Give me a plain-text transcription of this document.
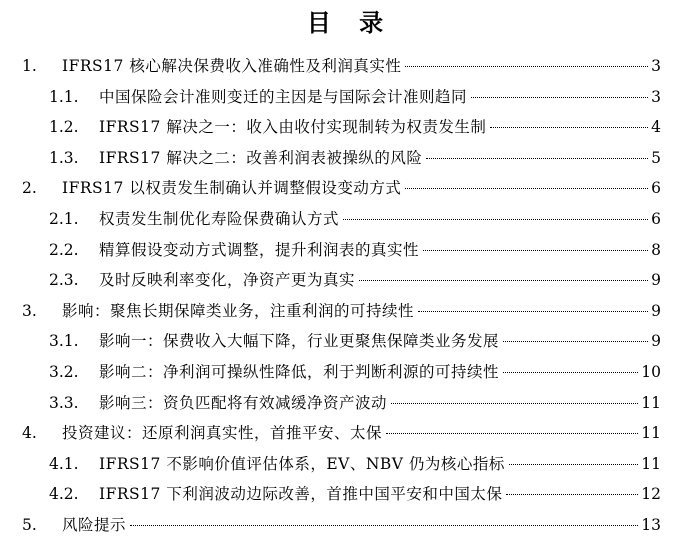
目 录
1.	IFRS17 核心解决保费收入准确性及利润真实性	3
1.1.	中国保险会计准则变迁的主因是与国际会计准则趋同	3
1.2.	IFRS17 解决之一：收入由收付实现制转为权责发生制	4
1.3.	IFRS17 解决之二：改善利润表被操纵的风险	5
2.	IFRS17 以权责发生制确认并调整假设变动方式	6
2.1.	权责发生制优化寿险保费确认方式	6
2.2.	精算假设变动方式调整，提升利润表的真实性	8
2.3.	及时反映利率变化，净资产更为真实	9
3.	影响：聚焦长期保障类业务，注重利润的可持续性	9
3.1.	影响一：保费收入大幅下降，行业更聚焦保障类业务发展	9
3.2.	影响二：净利润可操纵性降低，利于判断利源的可持续性	10
3.3.	影响三：资负匹配将有效减缓净资产波动	11
4.	投资建议：还原利润真实性，首推平安、太保	11
4.1.	IFRS17 不影响价值评估体系，EV、NBV 仍为核心指标	11
4.2.	IFRS17 下利润波动边际改善，首推中国平安和中国太保	12
5.	风险提示	13
